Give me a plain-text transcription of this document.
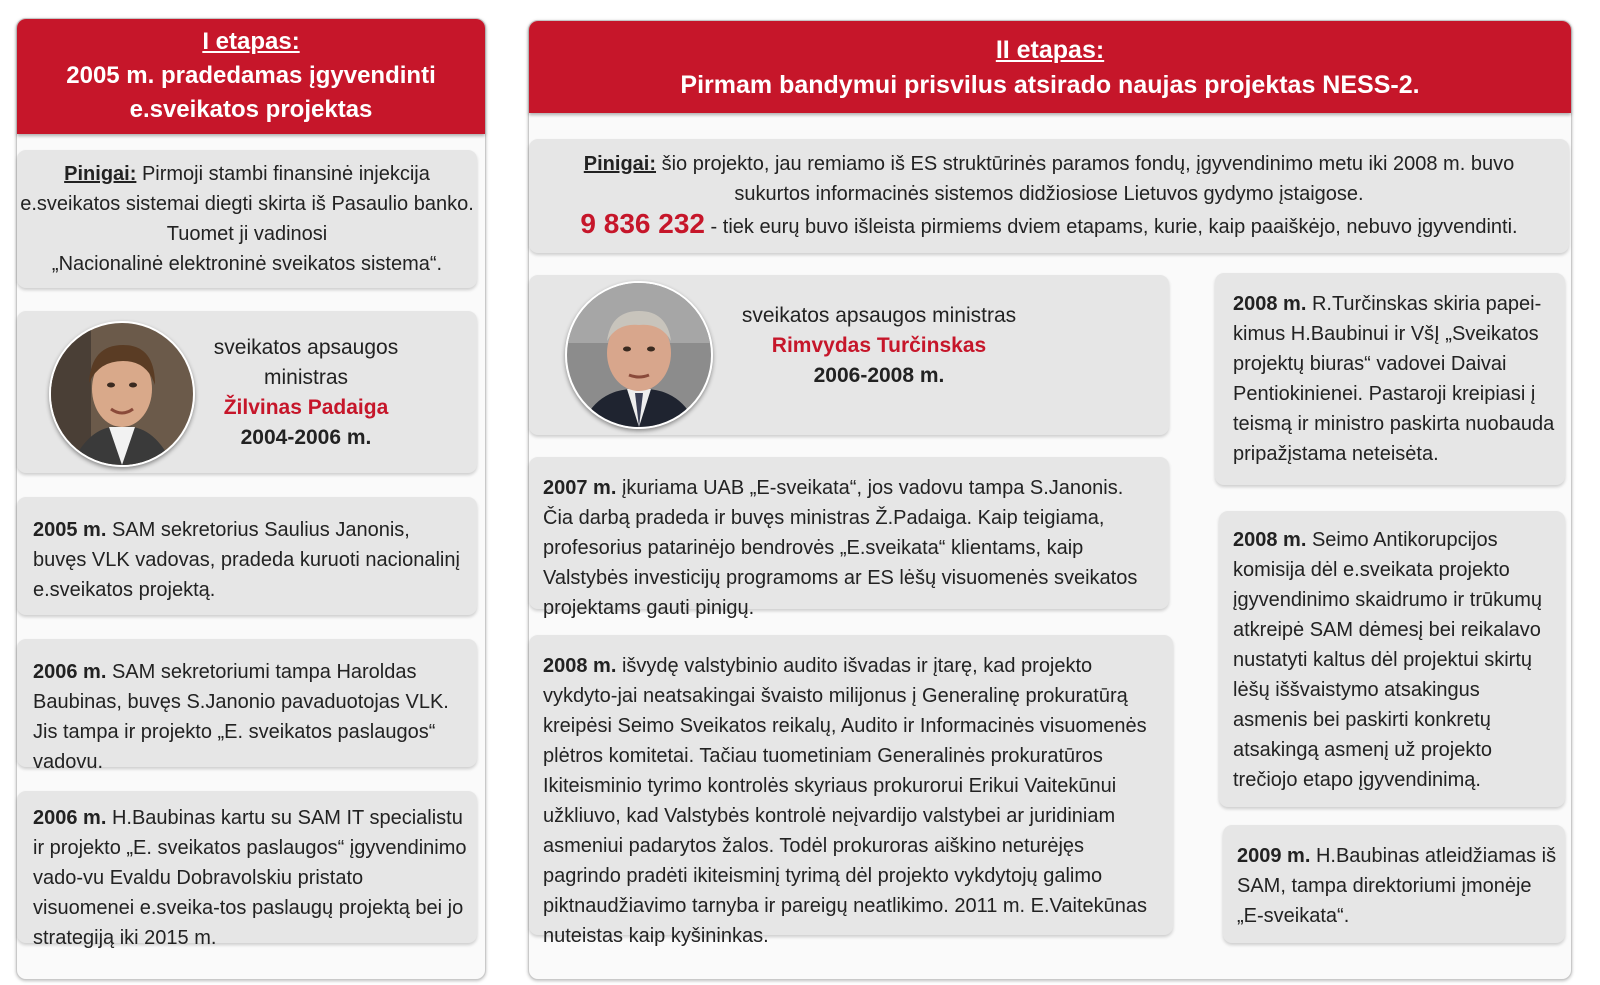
I etapas:
2005 m. pradedamas įgyvendinti
e.sveikatos projektas
Pinigai: Pirmoji stambi finansinė injekcija
e.sveikatos sistemai diegti skirta iš Pasaulio banko.
Tuomet ji vadinosi
„Nacionalinė elektroninė sveikatos sistema“.
sveikatos apsaugos
ministras
Žilvinas Padaiga
2004-2006 m.
2005 m. SAM sekretorius Saulius Janonis, buvęs VLK vadovas, pradeda kuruoti nacionalinį e.sveikatos projektą.
2006 m. SAM sekretoriumi tampa Haroldas Baubinas, buvęs S.Janonio pavaduotojas VLK. Jis tampa ir projekto „E. sveikatos paslaugos“ vadovu.
2006 m. H.Baubinas kartu su SAM IT specialistu ir projekto „E. sveikatos paslaugos“ įgyvendinimo vado-vu Evaldu Dobravolskiu pristato visuomenei e.sveika-tos paslaugų projektą bei jo strategiją iki 2015 m.
II etapas:
Pirmam bandymui prisvilus atsirado naujas projektas NESS-2.
Pinigai: šio projekto, jau remiamo iš ES struktūrinės paramos fondų, įgyvendinimo metu iki 2008 m. buvo
sukurtos informacinės sistemos didžiosiose Lietuvos gydymo įstaigose.
9 836 232 - tiek eurų buvo išleista pirmiems dviem etapams, kurie, kaip paaiškėjo, nebuvo įgyvendinti.
sveikatos apsaugos ministras
Rimvydas Turčinskas
2006-2008 m.
2007 m. įkuriama UAB „E-sveikata“, jos vadovu tampa S.Janonis. Čia darbą pradeda ir buvęs ministras Ž.Padaiga. Kaip teigiama, profesorius patarinėjo bendrovės „E.sveikata“ klientams, kaip Valstybės investicijų programoms ar ES lėšų visuomenės sveikatos projektams gauti pinigų.
2008 m. išvydę valstybinio audito išvadas ir įtarę, kad projekto vykdyto-jai neatsakingai švaisto milijonus į Generalinę prokuratūrą kreipėsi Seimo Sveikatos reikalų, Audito ir Informacinės visuomenės plėtros komitetai. Tačiau tuometiniam Generalinės prokuratūros Ikiteisminio tyrimo kontrolės skyriaus prokurorui Erikui Vaitekūnui užkliuvo, kad Valstybės kontrolė neįvardijo valstybei ar juridiniam asmeniui padarytos žalos. Todėl prokuroras aiškino neturėjęs pagrindo pradėti ikiteisminį tyrimą dėl projekto vykdytojų galimo piktnaudžiavimo tarnyba ir pareigų neatlikimo. 2011 m. E.Vaitekūnas nuteistas kaip kyšininkas.
2008 m. R.Turčinskas skiria papei-kimus H.Baubinui ir VšĮ „Sveikatos projektų biuras“ vadovei Daivai Pentiokinienei. Pastaroji kreipiasi į teismą ir ministro paskirta nuobauda pripažįstama neteisėta.
2008 m. Seimo Antikorupcijos komisija dėl e.sveikata projekto įgyvendinimo skaidrumo ir trūkumų atkreipė SAM dėmesį bei reikalavo nustatyti kaltus dėl projektui skirtų lėšų iššvaistymo atsakingus asmenis bei paskirti konkretų atsakingą asmenį už projekto trečiojo etapo įgyvendinimą.
2009 m. H.Baubinas atleidžiamas iš SAM, tampa direktoriumi įmonėje „E-sveikata“.
